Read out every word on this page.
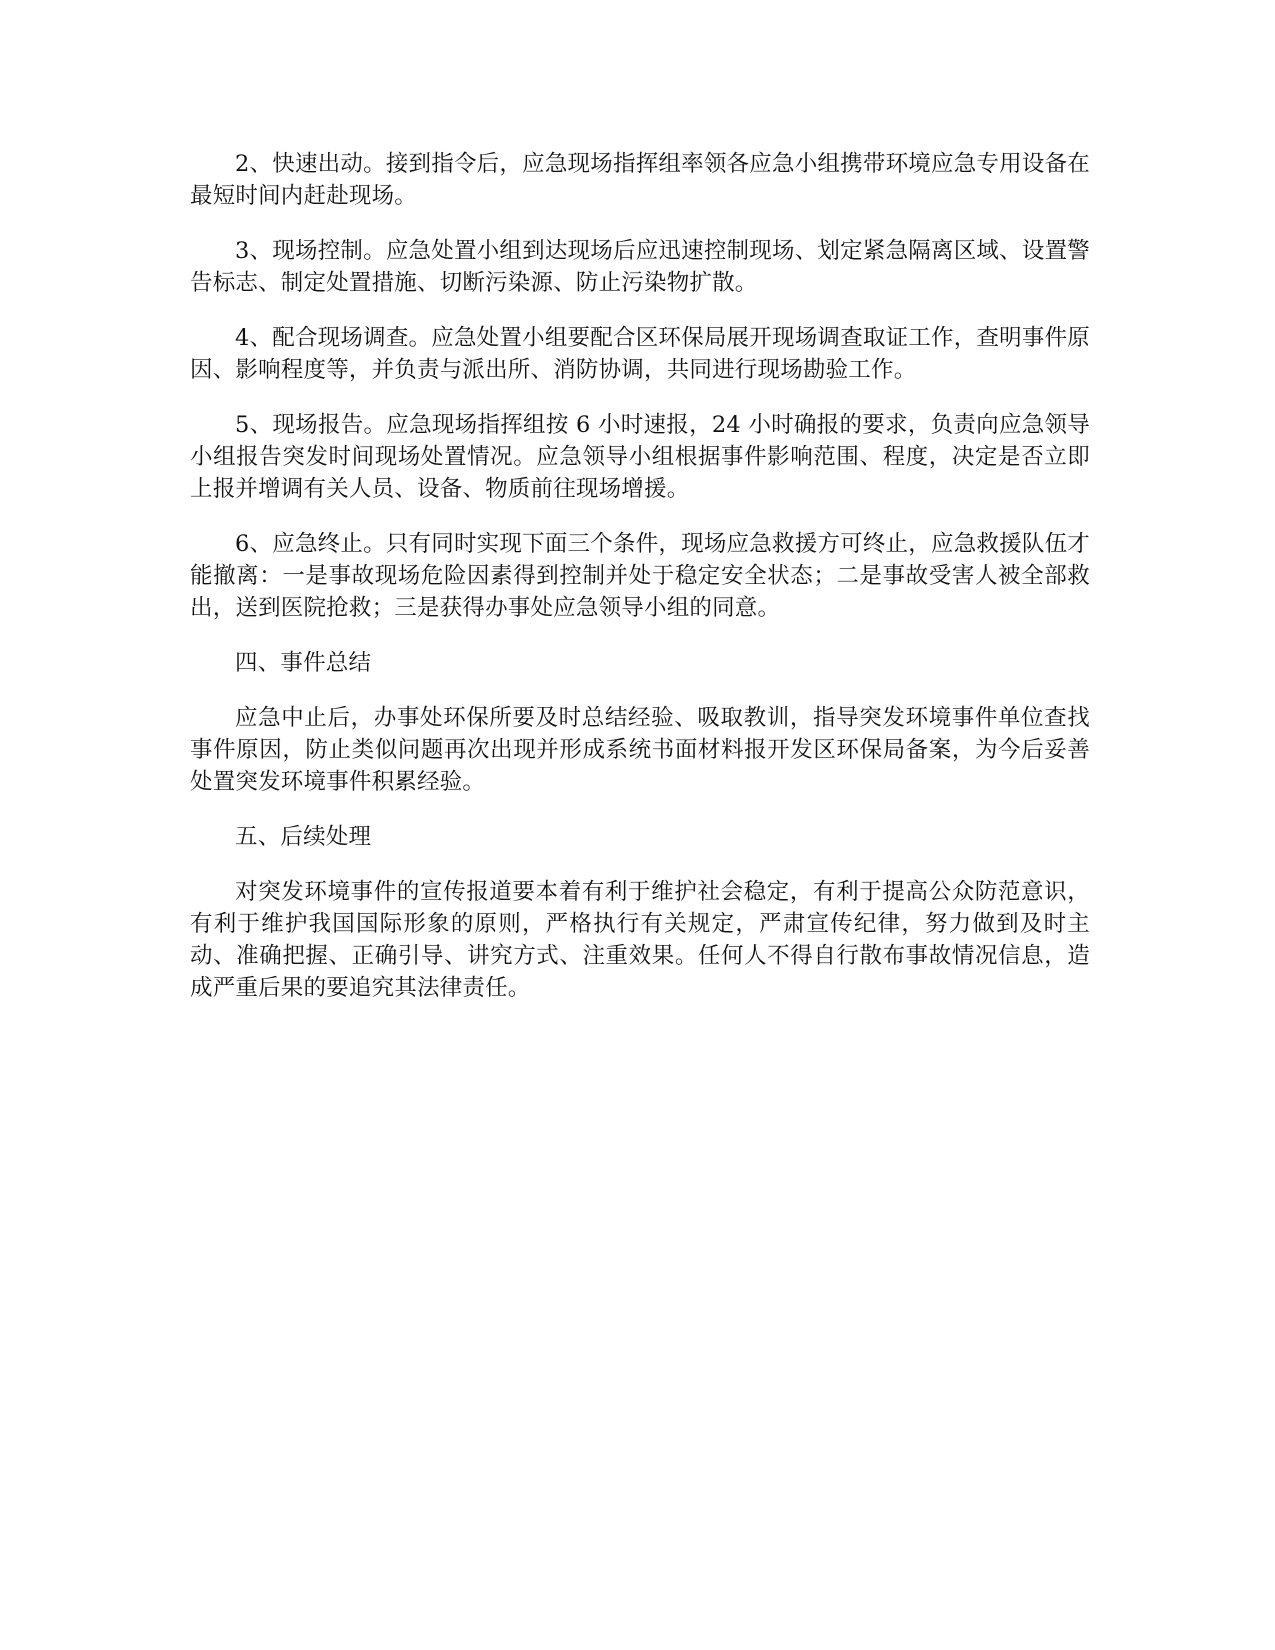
2、快速出动。接到指令后，应急现场指挥组率领各应急小组携带环境应急专用设备在最短时间内赶赴现场。

3、现场控制。应急处置小组到达现场后应迅速控制现场、划定紧急隔离区域、设置警告标志、制定处置措施、切断污染源、防止污染物扩散。

4、配合现场调查。应急处置小组要配合区环保局展开现场调查取证工作，查明事件原因、影响程度等，并负责与派出所、消防协调，共同进行现场勘验工作。

5、现场报告。应急现场指挥组按 6 小时速报，24 小时确报的要求，负责向应急领导小组报告突发时间现场处置情况。应急领导小组根据事件影响范围、程度，决定是否立即上报并增调有关人员、设备、物质前往现场增援。

6、应急终止。只有同时实现下面三个条件，现场应急救援方可终止，应急救援队伍才能撤离：一是事故现场危险因素得到控制并处于稳定安全状态；二是事故受害人被全部救出，送到医院抢救；三是获得办事处应急领导小组的同意。

四、事件总结

应急中止后，办事处环保所要及时总结经验、吸取教训，指导突发环境事件单位查找事件原因，防止类似问题再次出现并形成系统书面材料报开发区环保局备案，为今后妥善处置突发环境事件积累经验。

五、后续处理

对突发环境事件的宣传报道要本着有利于维护社会稳定，有利于提高公众防范意识，有利于维护我国国际形象的原则，严格执行有关规定，严肃宣传纪律，努力做到及时主动、准确把握、正确引导、讲究方式、注重效果。任何人不得自行散布事故情况信息，造成严重后果的要追究其法律责任。
